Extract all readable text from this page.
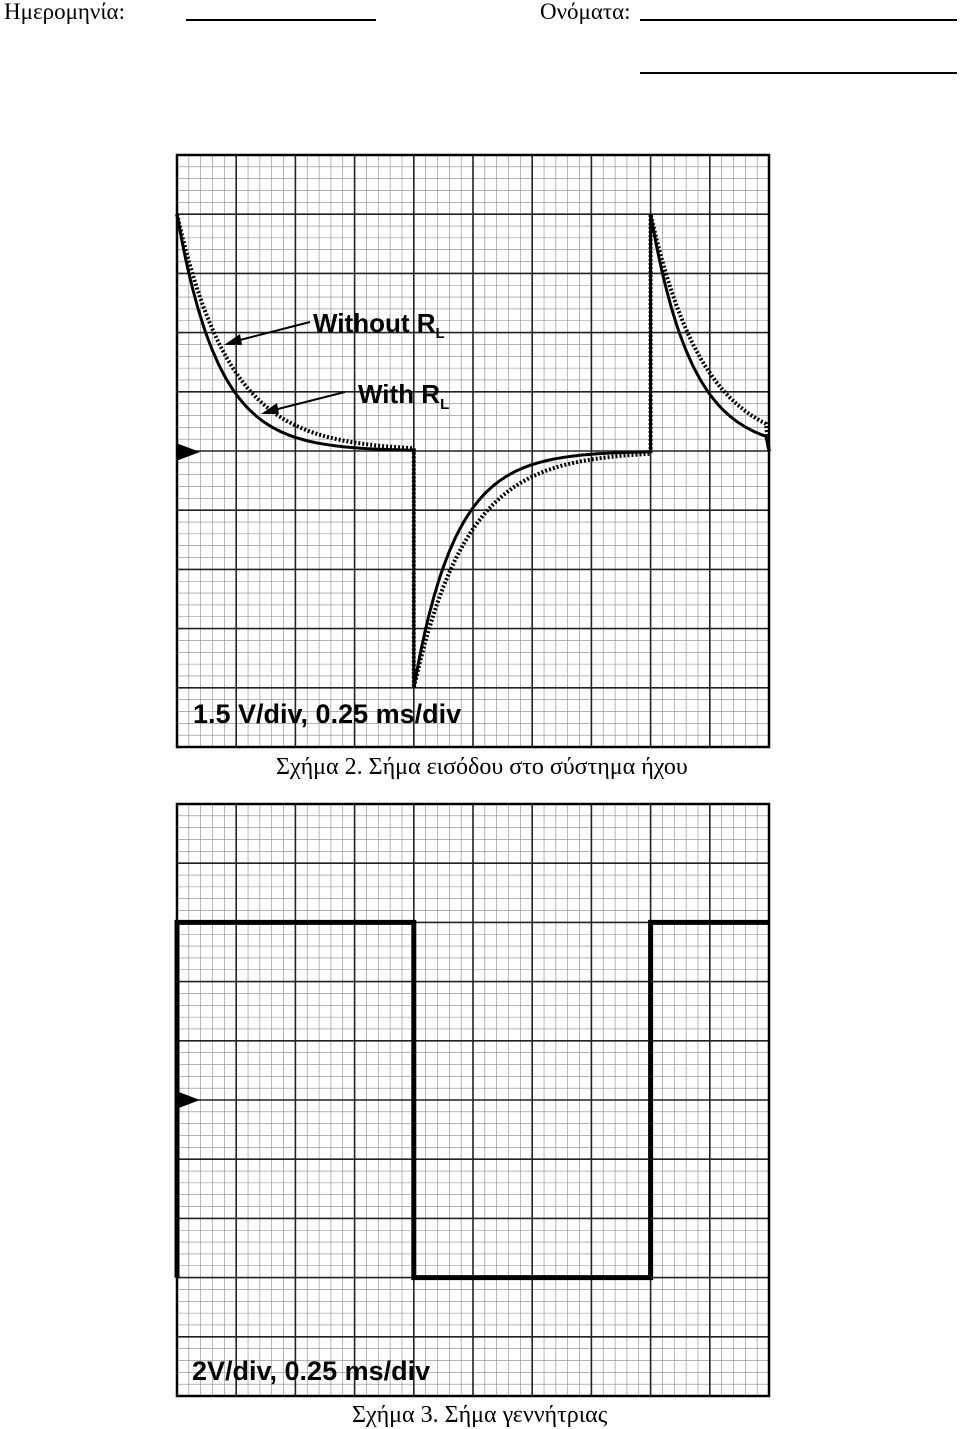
Ημερομηνία:	Ονόματα:
Without $R_L$
With $R_L$
1.5 V/div, 0.25 ms/div
Σχήμα 2. Σήμα εισόδου στο σύστημα ήχου
2V/div, 0.25 ms/div
Σχήμα 3. Σήμα γεννήτριας
